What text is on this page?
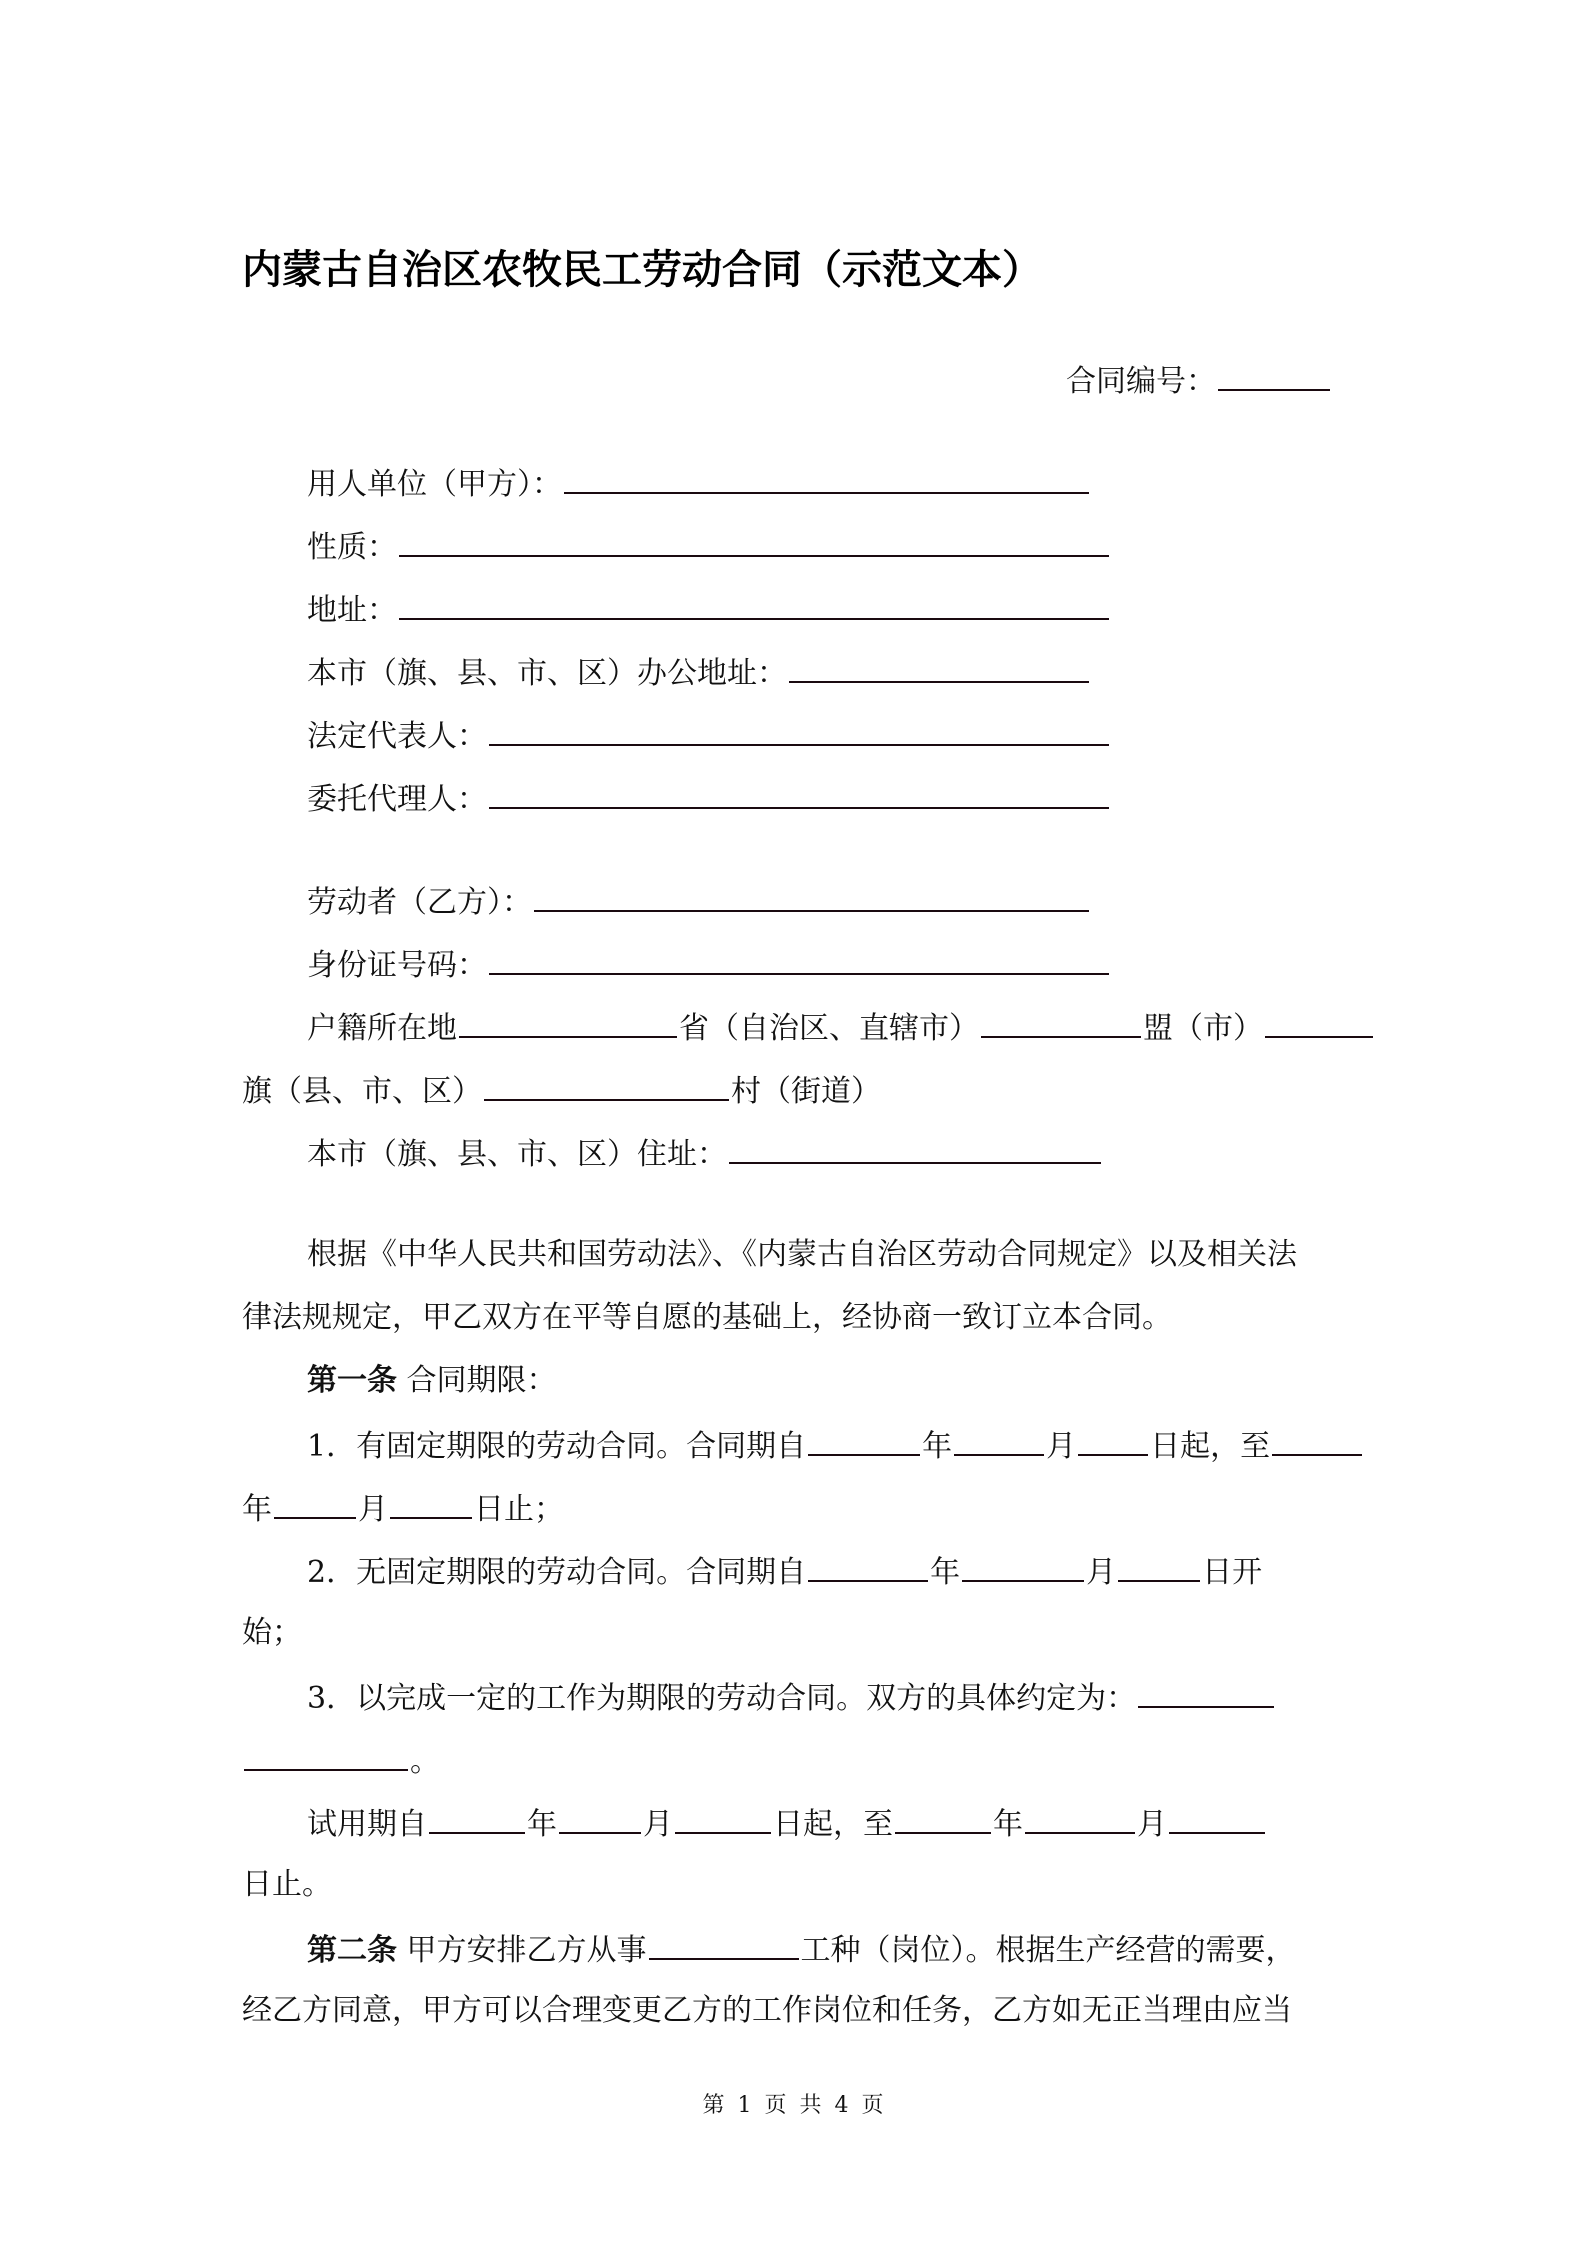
内蒙古自治区农牧民工劳动合同（示范文本）
合同编号：
用人单位（甲方）：
性质：
地址：
本市（旗、县、市、区）办公地址：
法定代表人：
委托代理人：
劳动者（乙方）：
身份证号码：
户籍所在地	省（自治区、直辖市）	盟（市）
旗（县、市、区）	村（街道）
本市（旗、县、市、区）住址：
根据《中华人民共和国劳动法》、《内蒙古自治区劳动合同规定》以及相关法
律法规规定，甲乙双方在平等自愿的基础上，经协商一致订立本合同。
第一条 合同期限：
1．有固定期限的劳动合同。合同期自	年	月 日起，至
年	月	日止；
2．无固定期限的劳动合同。合同期自	年	月	日开
始；
3．以完成一定的工作为期限的劳动合同。双方的具体约定为：
。
试用期自	年	月	日起，至	年	月
日止。
第二条 甲方安排乙方从事	工种（岗位）。根据生产经营的需要，
经乙方同意，甲方可以合理变更乙方的工作岗位和任务，乙方如无正当理由应当
第 1 页 共 4 页
